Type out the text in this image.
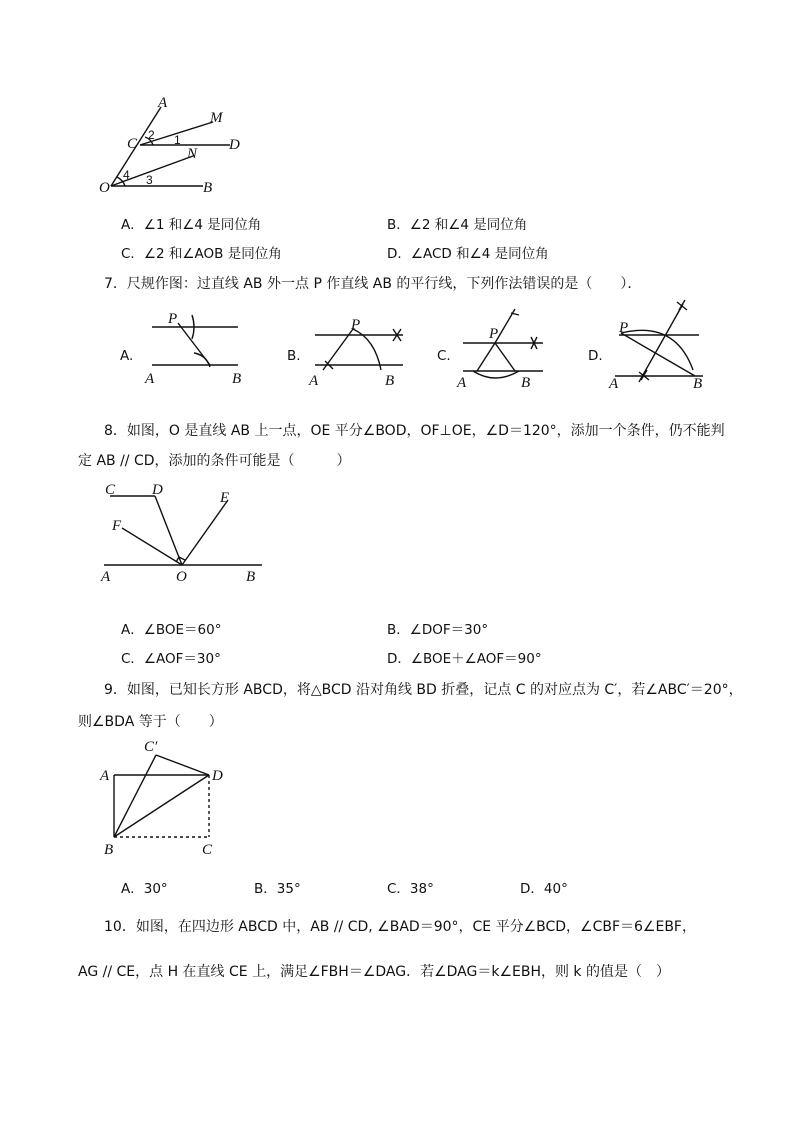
A
M
C	D
N
O	B
2 1
4 3
A．∠1 和∠4 是同位角	B．∠2 和∠4 是同位角
C．∠2 和∠AOB 是同位角	D．∠ACD 和∠4 是同位角
7．尺规作图：过直线 AB 外一点 P 作直线 AB 的平行线，下列作法错误的是（　　）．
A.
P
A	B
B.
P
A	B
C.
P
A	B
D.
P
A	B
8．如图，O 是直线 AB 上一点，OE 平分∠BOD，OF⊥OE，∠D＝120°，添加一个条件，仍不能判
定 AB // CD，添加的条件可能是（　　　）
C D	E
F
A	O	B
A．∠BOE＝60°	B．∠DOF＝30°
C．∠AOF＝30°	D．∠BOE＋∠AOF＝90°
9．如图，已知长方形 ABCD，将△BCD 沿对角线 BD 折叠，记点 C 的对应点为 C′，若∠ABC′＝20°，
则∠BDA 等于（　　）
C′
A	D
B	C
A．30°	B．35°	C．38°	D．40°
10．如图，在四边形 ABCD 中，AB // CD, ∠BAD＝90°，CE 平分∠BCD，∠CBF＝6∠EBF，
AG // CE，点 H 在直线 CE 上，满足∠FBH＝∠DAG．若∠DAG＝k∠EBH，则 k 的值是（　）
